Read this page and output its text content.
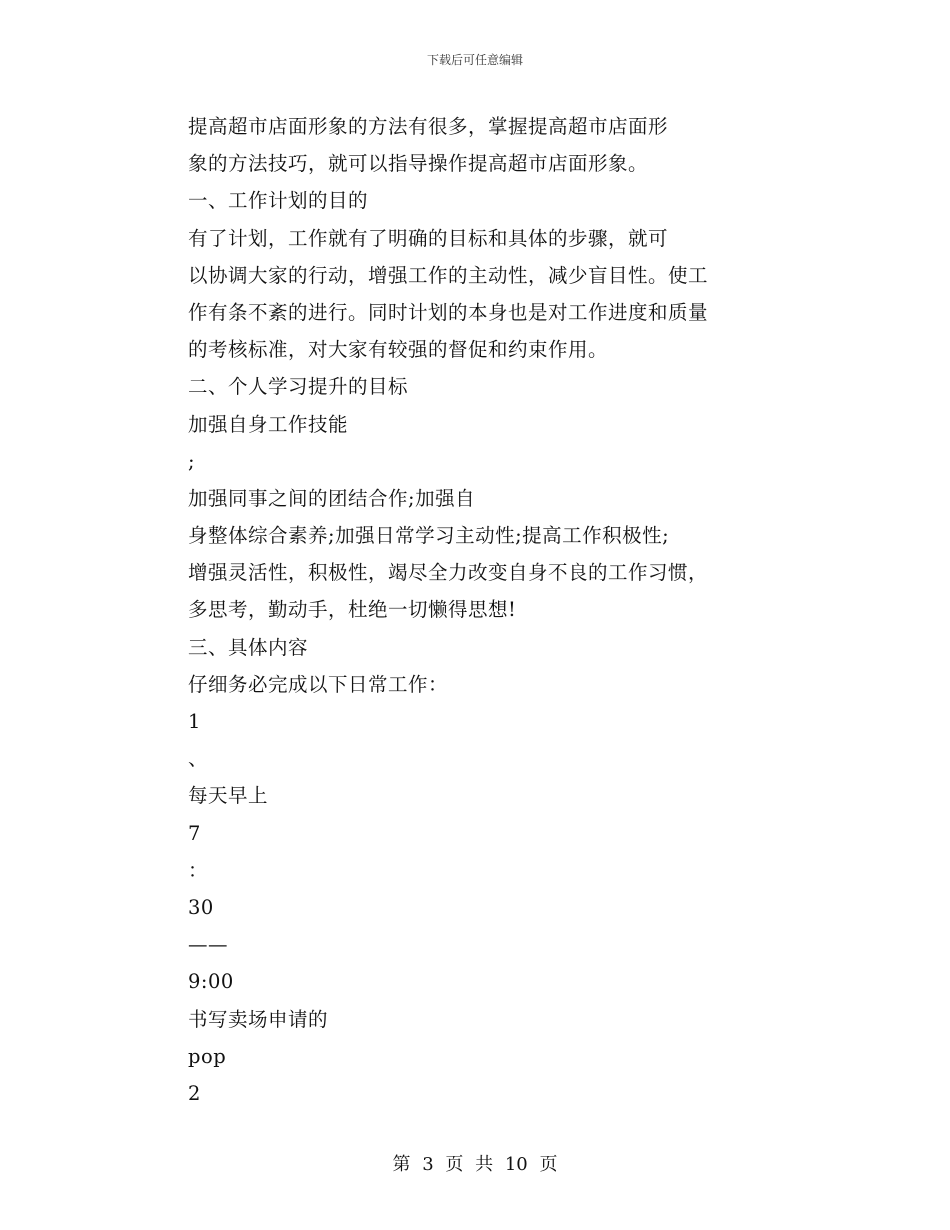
下载后可任意编辑
提高超市店面形象的方法有很多，掌握提高超市店面形
象的方法技巧，就可以指导操作提高超市店面形象。
一、工作计划的目的
有了计划，工作就有了明确的目标和具体的步骤，就可
以协调大家的行动，增强工作的主动性，减少盲目性。使工
作有条不紊的进行。同时计划的本身也是对工作进度和质量
的考核标准，对大家有较强的督促和约束作用。
二、个人学习提升的目标
加强自身工作技能
;
加强同事之间的团结合作;加强自
身整体综合素养;加强日常学习主动性;提高工作积极性;
增强灵活性，积极性，竭尽全力改变自身不良的工作习惯，
多思考，勤动手，杜绝一切懒得思想!
三、具体内容
仔细务必完成以下日常工作：
1
、
每天早上
7
：
30
——
9:00
书写卖场申请的
pop
2
第 3 页 共 10 页
